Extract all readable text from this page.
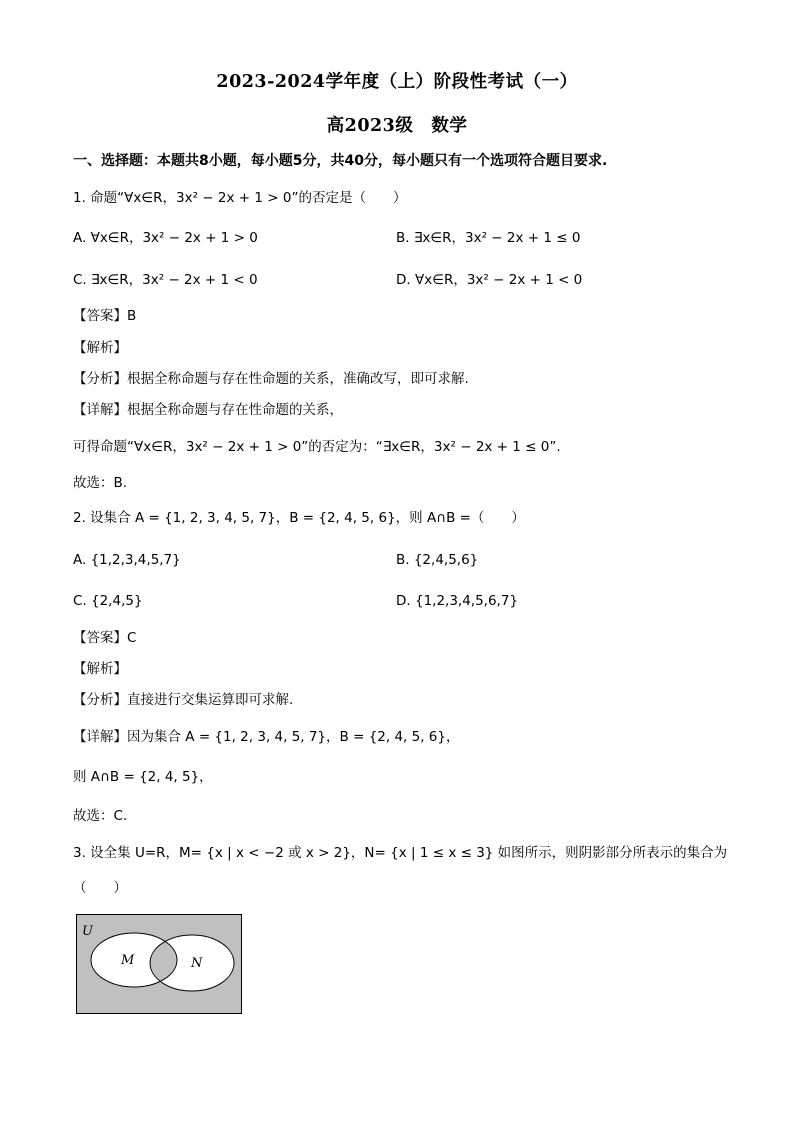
2023-2024学年度（上）阶段性考试（一）
高2023级　数学
一、选择题：本题共8小题，每小题5分，共40分，每小题只有一个选项符合题目要求.
1. 命题“∀x∈R，3x² − 2x + 1 > 0”的否定是（　　）
A. ∀x∈R，3x² − 2x + 1 > 0	B. ∃x∈R，3x² − 2x + 1 ≤ 0
C. ∃x∈R，3x² − 2x + 1 < 0	D. ∀x∈R，3x² − 2x + 1 < 0
【答案】B
【解析】
【分析】根据全称命题与存在性命题的关系，准确改写，即可求解.
【详解】根据全称命题与存在性命题的关系，
可得命题“∀x∈R，3x² − 2x + 1 > 0”的否定为：“∃x∈R，3x² − 2x + 1 ≤ 0”.
故选：B.
2. 设集合 A = {1, 2, 3, 4, 5, 7}，B = {2, 4, 5, 6}，则 A∩B =（　　）
A. {1,2,3,4,5,7}	B. {2,4,5,6}
C. {2,4,5}	D. {1,2,3,4,5,6,7}
【答案】C
【解析】
【分析】直接进行交集运算即可求解.
【详解】因为集合 A = {1, 2, 3, 4, 5, 7}，B = {2, 4, 5, 6}，
则 A∩B = {2, 4, 5}，
故选：C.
3. 设全集 U=R，M= {x | x < −2 或 x > 2}，N= {x | 1 ≤ x ≤ 3} 如图所示，则阴影部分所表示的集合为
（　　）
U
M	N
